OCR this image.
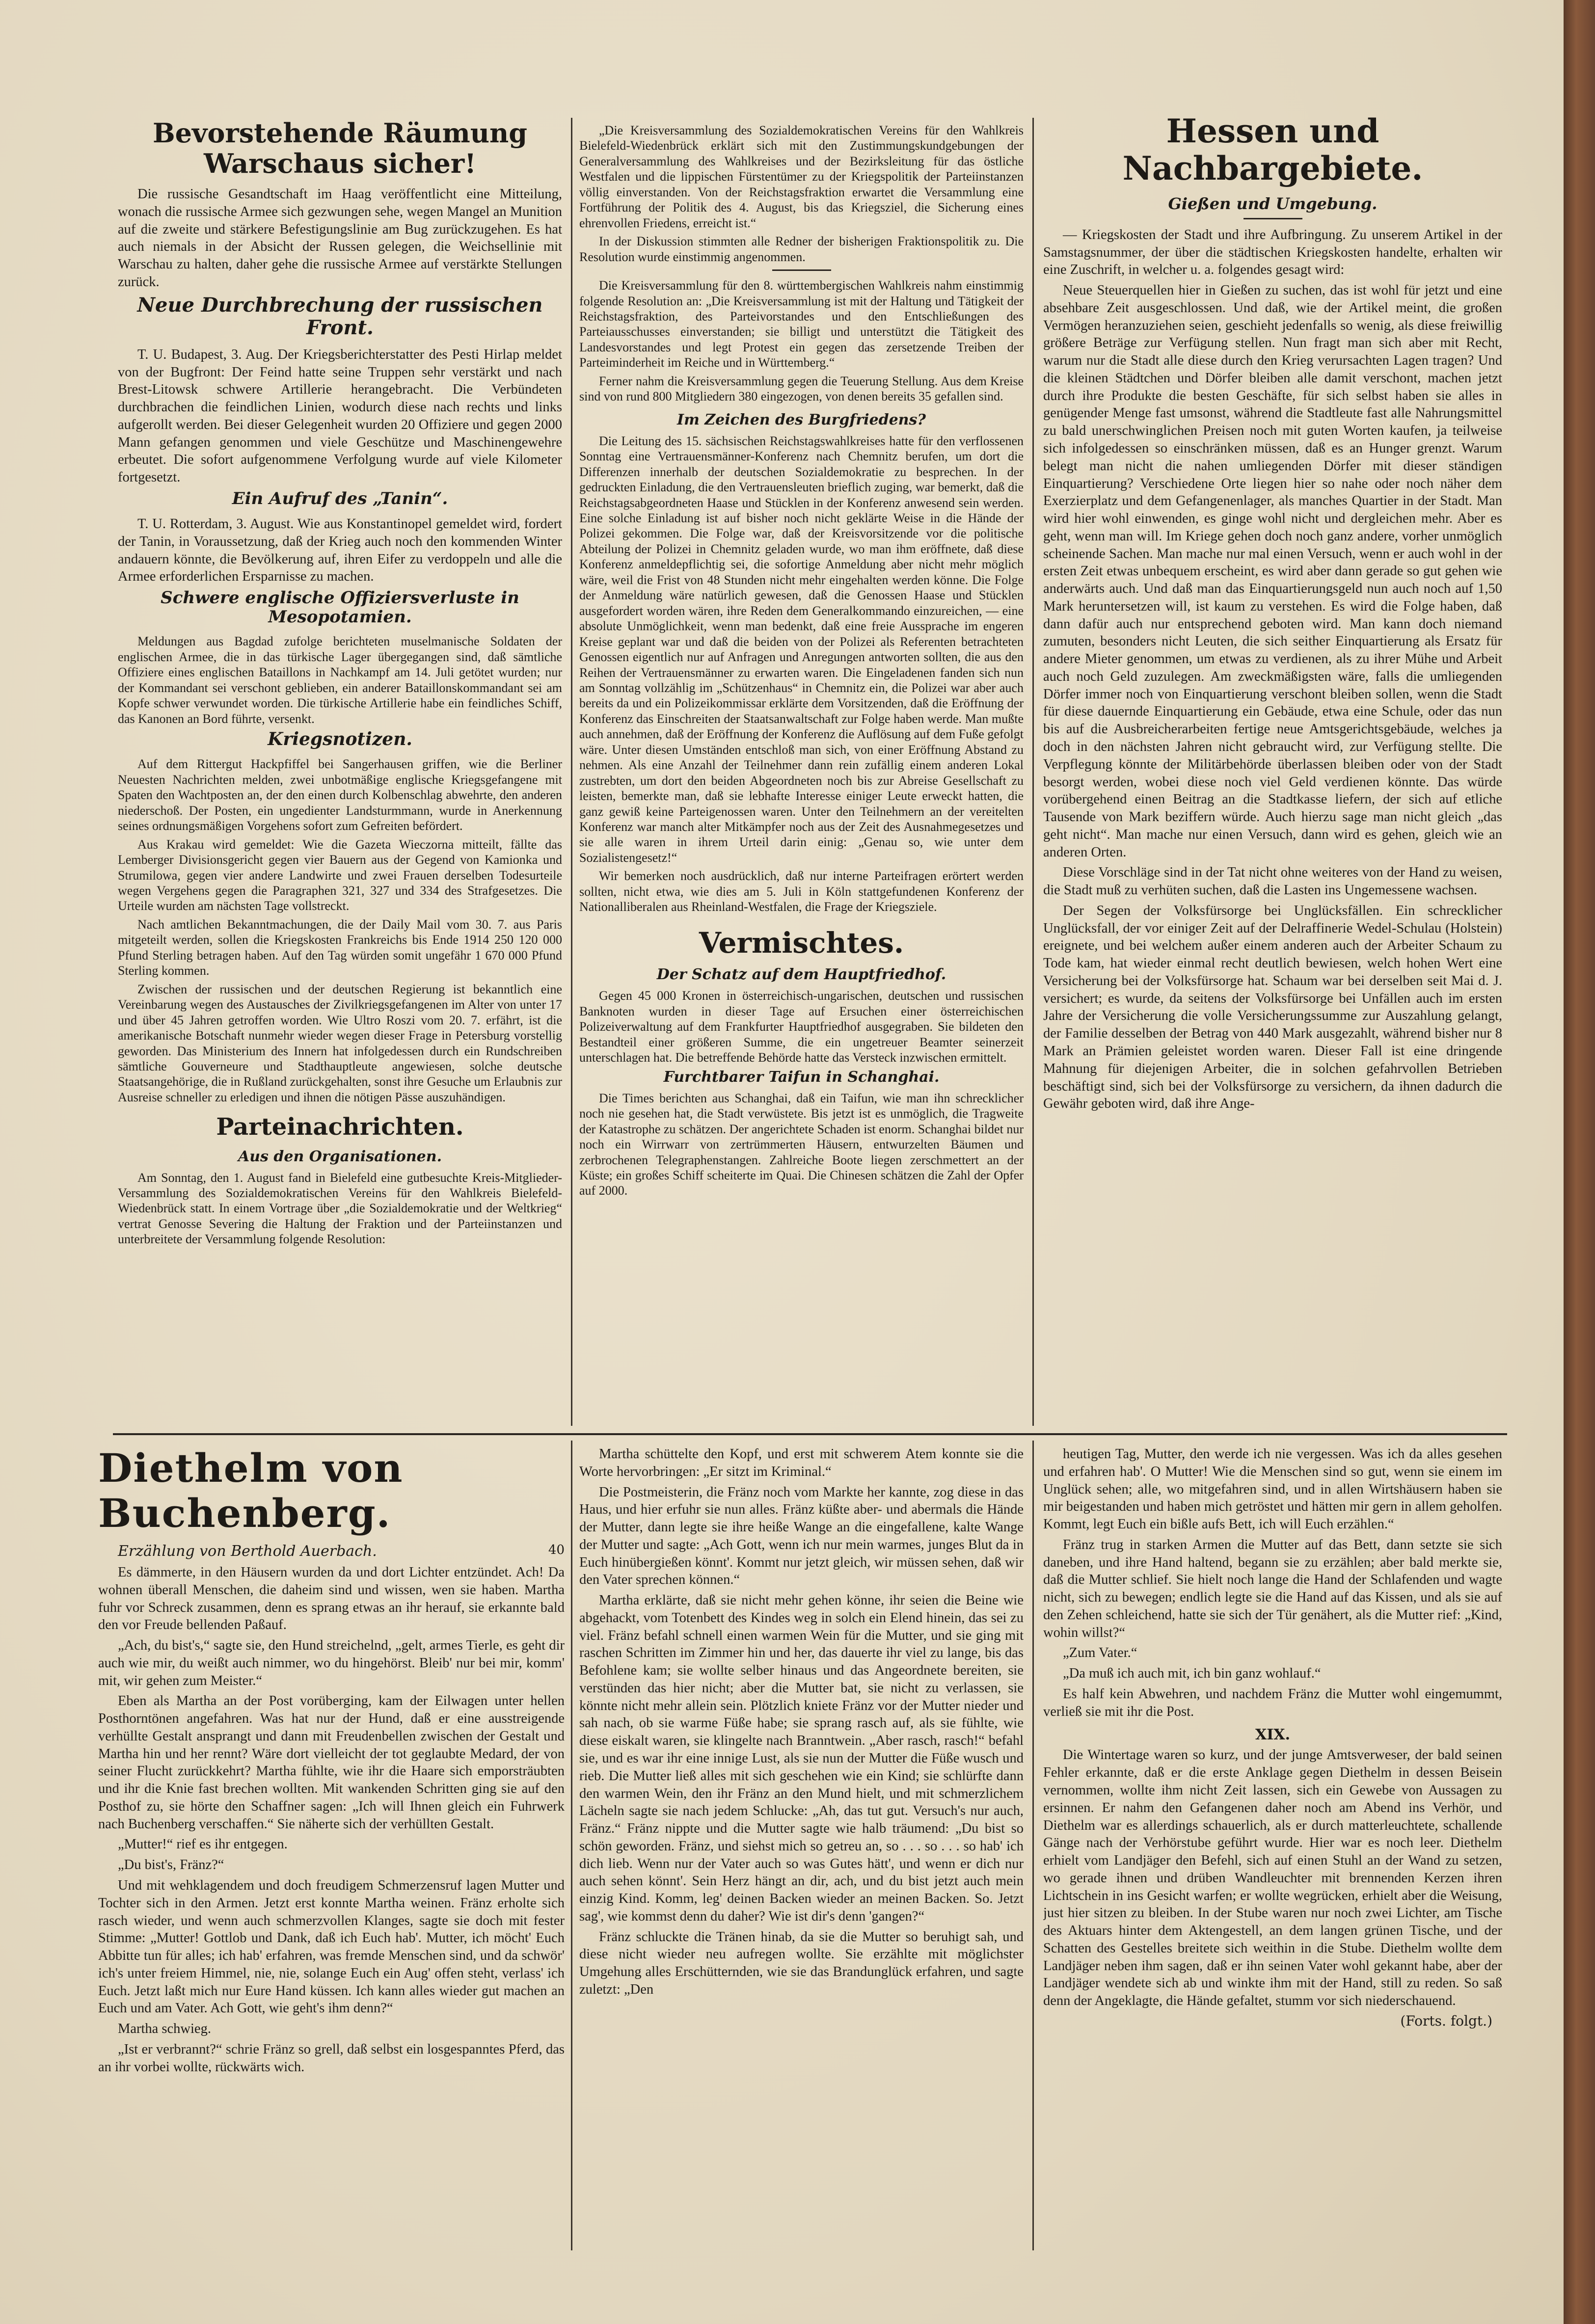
Bevorstehende Räumung Warschaus sicher!

Die russische Gesandtschaft im Haag veröffentlicht eine Mitteilung, wonach die russische Armee sich gezwungen sehe, wegen Mangel an Munition auf die zweite und stärkere Befestigungslinie am Bug zurückzugehen. Es hat auch niemals in der Absicht der Russen gelegen, die Weichsellinie mit Warschau zu halten, daher gehe die russische Armee auf verstärkte Stellungen zurück.

Neue Durchbrechung der russischen Front.

T. U. Budapest, 3. Aug. Der Kriegsberichterstatter des Pesti Hirlap meldet von der Bugfront: Der Feind hatte seine Truppen sehr verstärkt und nach Brest-Litowsk schwere Artillerie herangebracht. Die Verbündeten durchbrachen die feindlichen Linien, wodurch diese nach rechts und links aufgerollt werden. Bei dieser Gelegenheit wurden 20 Offiziere und gegen 2000 Mann gefangen genommen und viele Geschütze und Maschinengewehre erbeutet. Die sofort aufgenommene Verfolgung wurde auf viele Kilometer fortgesetzt.

Ein Aufruf des „Tanin“.

T. U. Rotterdam, 3. August. Wie aus Konstantinopel gemeldet wird, fordert der Tanin, in Voraussetzung, daß der Krieg auch noch den kommenden Winter andauern könnte, die Bevölkerung auf, ihren Eifer zu verdoppeln und alle die Armee erforderlichen Ersparnisse zu machen.

Schwere englische Offiziersverluste in Mesopotamien.

Meldungen aus Bagdad zufolge berichteten muselmanische Soldaten der englischen Armee, die in das türkische Lager übergegangen sind, daß sämtliche Offiziere eines englischen Bataillons in Nachkampf am 14. Juli getötet wurden; nur der Kommandant sei verschont geblieben, ein anderer Bataillonskommandant sei am Kopfe schwer verwundet worden. Die türkische Artillerie habe ein feindliches Schiff, das Kanonen an Bord führte, versenkt.

Kriegsnotizen.

Auf dem Rittergut Hackpfiffel bei Sangerhausen griffen, wie die Berliner Neuesten Nachrichten melden, zwei unbotmäßige englische Kriegsgefangene mit Spaten den Wachtposten an, der den einen durch Kolbenschlag abwehrte, den anderen niederschoß. Der Posten, ein ungedienter Landsturmmann, wurde in Anerkennung seines ordnungsmäßigen Vorgehens sofort zum Gefreiten befördert.

Aus Krakau wird gemeldet: Wie die Gazeta Wieczorna mitteilt, fällte das Lemberger Divisionsgericht gegen vier Bauern aus der Gegend von Kamionka und Strumilowa, gegen vier andere Landwirte und zwei Frauen derselben Todesurteile wegen Vergehens gegen die Paragraphen 321, 327 und 334 des Strafgesetzes. Die Urteile wurden am nächsten Tage vollstreckt.

Nach amtlichen Bekanntmachungen, die der Daily Mail vom 30. 7. aus Paris mitgeteilt werden, sollen die Kriegskosten Frankreichs bis Ende 1914 250 120 000 Pfund Sterling betragen haben. Auf den Tag würden somit ungefähr 1 670 000 Pfund Sterling kommen.

Zwischen der russischen und der deutschen Regierung ist bekanntlich eine Vereinbarung wegen des Austausches der Zivilkriegsgefangenen im Alter von unter 17 und über 45 Jahren getroffen worden. Wie Ultro Roszi vom 20. 7. erfährt, ist die amerikanische Botschaft nunmehr wieder wegen dieser Frage in Petersburg vorstellig geworden. Das Ministerium des Innern hat infolgedessen durch ein Rundschreiben sämtliche Gouverneure und Stadthauptleute angewiesen, solche deutsche Staatsangehörige, die in Rußland zurückgehalten, sonst ihre Gesuche um Erlaubnis zur Ausreise schneller zu erledigen und ihnen die nötigen Pässe auszuhändigen.

Parteinachrichten.
Aus den Organisationen.

Am Sonntag, den 1. August fand in Bielefeld eine gutbesuchte Kreis-Mitglieder-Versammlung des Sozialdemokratischen Vereins für den Wahlkreis Bielefeld-Wiedenbrück statt. In einem Vortrage über „die Sozialdemokratie und der Weltkrieg“ vertrat Genosse Severing die Haltung der Fraktion und der Parteiinstanzen und unterbreitete der Versammlung folgende Resolution:

„Die Kreisversammlung des Sozialdemokratischen Vereins für den Wahlkreis Bielefeld-Wiedenbrück erklärt sich mit den Zustimmungskundgebungen der Generalversammlung des Wahlkreises und der Bezirksleitung für das östliche Westfalen und die lippischen Fürstentümer zu der Kriegspolitik der Parteiinstanzen völlig einverstanden. Von der Reichstagsfraktion erwartet die Versammlung eine Fortführung der Politik des 4. August, bis das Kriegsziel, die Sicherung eines ehrenvollen Friedens, erreicht ist.“

In der Diskussion stimmten alle Redner der bisherigen Fraktionspolitik zu. Die Resolution wurde einstimmig angenommen.

Die Kreisversammlung für den 8. württembergischen Wahlkreis nahm einstimmig folgende Resolution an: „Die Kreisversammlung ist mit der Haltung und Tätigkeit der Reichstagsfraktion, des Parteivorstandes und den Entschließungen des Parteiausschusses einverstanden; sie billigt und unterstützt die Tätigkeit des Landesvorstandes und legt Protest ein gegen das zersetzende Treiben der Parteiminderheit im Reiche und in Württemberg.“

Ferner nahm die Kreisversammlung gegen die Teuerung Stellung. Aus dem Kreise sind von rund 800 Mitgliedern 380 eingezogen, von denen bereits 35 gefallen sind.

Im Zeichen des Burgfriedens?

Die Leitung des 15. sächsischen Reichstagswahlkreises hatte für den verflossenen Sonntag eine Vertrauensmänner-Konferenz nach Chemnitz berufen, um dort die Differenzen innerhalb der deutschen Sozialdemokratie zu besprechen. In der gedruckten Einladung, die den Vertrauensleuten brieflich zuging, war bemerkt, daß die Reichstagsabgeordneten Haase und Stücklen in der Konferenz anwesend sein werden. Eine solche Einladung ist auf bisher noch nicht geklärte Weise in die Hände der Polizei gekommen. Die Folge war, daß der Kreisvorsitzende vor die politische Abteilung der Polizei in Chemnitz geladen wurde, wo man ihm eröffnete, daß diese Konferenz anmeldepflichtig sei, die sofortige Anmeldung aber nicht mehr möglich wäre, weil die Frist von 48 Stunden nicht mehr eingehalten werden könne. Die Folge der Anmeldung wäre natürlich gewesen, daß die Genossen Haase und Stücklen ausgefordert worden wären, ihre Reden dem Generalkommando einzureichen, — eine absolute Unmöglichkeit, wenn man bedenkt, daß eine freie Aussprache im engeren Kreise geplant war und daß die beiden von der Polizei als Referenten betrachteten Genossen eigentlich nur auf Anfragen und Anregungen antworten sollten, die aus den Reihen der Vertrauensmänner zu erwarten waren. Die Eingeladenen fanden sich nun am Sonntag vollzählig im „Schützenhaus“ in Chemnitz ein, die Polizei war aber auch bereits da und ein Polizeikommissar erklärte dem Vorsitzenden, daß die Eröffnung der Konferenz das Einschreiten der Staatsanwaltschaft zur Folge haben werde. Man mußte auch annehmen, daß der Eröffnung der Konferenz die Auflösung auf dem Fuße gefolgt wäre. Unter diesen Umständen entschloß man sich, von einer Eröffnung Abstand zu nehmen. Als eine Anzahl der Teilnehmer dann rein zufällig einem anderen Lokal zustrebten, um dort den beiden Abgeordneten noch bis zur Abreise Gesellschaft zu leisten, bemerkte man, daß sie lebhafte Interesse einiger Leute erweckt hatten, die ganz gewiß keine Parteigenossen waren. Unter den Teilnehmern an der vereitelten Konferenz war manch alter Mitkämpfer noch aus der Zeit des Ausnahmegesetzes und sie alle waren in ihrem Urteil darin einig: „Genau so, wie unter dem Sozialistengesetz!“

Wir bemerken noch ausdrücklich, daß nur interne Parteifragen erörtert werden sollten, nicht etwa, wie dies am 5. Juli in Köln stattgefundenen Konferenz der Nationalliberalen aus Rheinland-Westfalen, die Frage der Kriegsziele.

Vermischtes.
Der Schatz auf dem Hauptfriedhof.

Gegen 45 000 Kronen in österreichisch-ungarischen, deutschen und russischen Banknoten wurden in dieser Tage auf Ersuchen einer österreichischen Polizeiverwaltung auf dem Frankfurter Hauptfriedhof ausgegraben. Sie bildeten den Bestandteil einer größeren Summe, die ein ungetreuer Beamter seinerzeit unterschlagen hat. Die betreffende Behörde hatte das Versteck inzwischen ermittelt.

Furchtbarer Taifun in Schanghai.

Die Times berichten aus Schanghai, daß ein Taifun, wie man ihn schrecklicher noch nie gesehen hat, die Stadt verwüstete. Bis jetzt ist es unmöglich, die Tragweite der Katastrophe zu schätzen. Der angerichtete Schaden ist enorm. Schanghai bildet nur noch ein Wirrwarr von zertrümmerten Häusern, entwurzelten Bäumen und zerbrochenen Telegraphenstangen. Zahlreiche Boote liegen zerschmettert an der Küste; ein großes Schiff scheiterte im Quai. Die Chinesen schätzen die Zahl der Opfer auf 2000.

Hessen und Nachbargebiete.
Gießen und Umgebung.

— Kriegskosten der Stadt und ihre Aufbringung. Zu unserem Artikel in der Samstagsnummer, der über die städtischen Kriegskosten handelte, erhalten wir eine Zuschrift, in welcher u. a. folgendes gesagt wird:

Neue Steuerquellen hier in Gießen zu suchen, das ist wohl für jetzt und eine absehbare Zeit ausgeschlossen. Und daß, wie der Artikel meint, die großen Vermögen heranzuziehen seien, geschieht jedenfalls so wenig, als diese freiwillig größere Beträge zur Verfügung stellen. Nun fragt man sich aber mit Recht, warum nur die Stadt alle diese durch den Krieg verursachten Lagen tragen? Und die kleinen Städtchen und Dörfer bleiben alle damit verschont, machen jetzt durch ihre Produkte die besten Geschäfte, für sich selbst haben sie alles in genügender Menge fast umsonst, während die Stadtleute fast alle Nahrungsmittel zu bald unerschwinglichen Preisen noch mit guten Worten kaufen, ja teilweise sich infolgedessen so einschränken müssen, daß es an Hunger grenzt. Warum belegt man nicht die nahen umliegenden Dörfer mit dieser ständigen Einquartierung? Verschiedene Orte liegen hier so nahe oder noch näher dem Exerzierplatz und dem Gefangenenlager, als manches Quartier in der Stadt. Man wird hier wohl einwenden, es ginge wohl nicht und dergleichen mehr. Aber es geht, wenn man will. Im Kriege gehen doch noch ganz andere, vorher unmöglich scheinende Sachen. Man mache nur mal einen Versuch, wenn er auch wohl in der ersten Zeit etwas unbequem erscheint, es wird aber dann gerade so gut gehen wie anderwärts auch. Und daß man das Einquartierungsgeld nun auch noch auf 1,50 Mark heruntersetzen will, ist kaum zu verstehen. Es wird die Folge haben, daß dann dafür auch nur entsprechend geboten wird. Man kann doch niemand zumuten, besonders nicht Leuten, die sich seither Einquartierung als Ersatz für andere Mieter genommen, um etwas zu verdienen, als zu ihrer Mühe und Arbeit auch noch Geld zuzulegen. Am zweckmäßigsten wäre, falls die umliegenden Dörfer immer noch von Einquartierung verschont bleiben sollen, wenn die Stadt für diese dauernde Einquartierung ein Gebäude, etwa eine Schule, oder das nun bis auf die Ausbreicherarbeiten fertige neue Amtsgerichtsgebäude, welches ja doch in den nächsten Jahren nicht gebraucht wird, zur Verfügung stellte. Die Verpflegung könnte der Militärbehörde überlassen bleiben oder von der Stadt besorgt werden, wobei diese noch viel Geld verdienen könnte. Das würde vorübergehend einen Beitrag an die Stadtkasse liefern, der sich auf etliche Tausende von Mark beziffern würde. Auch hierzu sage man nicht gleich „das geht nicht“. Man mache nur einen Versuch, dann wird es gehen, gleich wie an anderen Orten.

Diese Vorschläge sind in der Tat nicht ohne weiteres von der Hand zu weisen, die Stadt muß zu verhüten suchen, daß die Lasten ins Ungemessene wachsen.

Der Segen der Volksfürsorge bei Unglücksfällen. Ein schrecklicher Unglücksfall, der vor einiger Zeit auf der Delraffinerie Wedel-Schulau (Holstein) ereignete, und bei welchem außer einem anderen auch der Arbeiter Schaum zu Tode kam, hat wieder einmal recht deutlich bewiesen, welch hohen Wert eine Versicherung bei der Volksfürsorge hat. Schaum war bei derselben seit Mai d. J. versichert; es wurde, da seitens der Volksfürsorge bei Unfällen auch im ersten Jahre der Versicherung die volle Versicherungssumme zur Auszahlung gelangt, der Familie desselben der Betrag von 440 Mark ausgezahlt, während bisher nur 8 Mark an Prämien geleistet worden waren. Dieser Fall ist eine dringende Mahnung für diejenigen Arbeiter, die in solchen gefahrvollen Betrieben beschäftigt sind, sich bei der Volksfürsorge zu versichern, da ihnen dadurch die Gewähr geboten wird, daß ihre Ange-

Diethelm von Buchenberg.
Erzählung von Berthold Auerbach.	40

Es dämmerte, in den Häusern wurden da und dort Lichter entzündet. Ach! Da wohnen überall Menschen, die daheim sind und wissen, wen sie haben. Martha fuhr vor Schreck zusammen, denn es sprang etwas an ihr herauf, sie erkannte bald den vor Freude bellenden Paßauf.

„Ach, du bist's,“ sagte sie, den Hund streichelnd, „gelt, armes Tierle, es geht dir auch wie mir, du weißt auch nimmer, wo du hingehörst. Bleib' nur bei mir, komm' mit, wir gehen zum Meister.“

Eben als Martha an der Post vorüberging, kam der Eilwagen unter hellen Posthorntönen angefahren. Was hat nur der Hund, daß er eine ausstreigende verhüllte Gestalt ansprangt und dann mit Freudenbellen zwischen der Gestalt und Martha hin und her rennt? Wäre dort vielleicht der tot geglaubte Medard, der von seiner Flucht zurückkehrt? Martha fühlte, wie ihr die Haare sich emporsträubten und ihr die Knie fast brechen wollten. Mit wankenden Schritten ging sie auf den Posthof zu, sie hörte den Schaffner sagen: „Ich will Ihnen gleich ein Fuhrwerk nach Buchenberg verschaffen.“ Sie näherte sich der verhüllten Gestalt.

„Mutter!“ rief es ihr entgegen.

„Du bist's, Fränz?“

Und mit wehklagendem und doch freudigem Schmerzensruf lagen Mutter und Tochter sich in den Armen. Jetzt erst konnte Martha weinen. Fränz erholte sich rasch wieder, und wenn auch schmerzvollen Klanges, sagte sie doch mit fester Stimme: „Mutter! Gottlob und Dank, daß ich Euch hab'. Mutter, ich möcht' Euch Abbitte tun für alles; ich hab' erfahren, was fremde Menschen sind, und da schwör' ich's unter freiem Himmel, nie, nie, solange Euch ein Aug' offen steht, verlass' ich Euch. Jetzt laßt mich nur Eure Hand küssen. Ich kann alles wieder gut machen an Euch und am Vater. Ach Gott, wie geht's ihm denn?“

Martha schwieg.

„Ist er verbrannt?“ schrie Fränz so grell, daß selbst ein losgespanntes Pferd, das an ihr vorbei wollte, rückwärts wich.

Martha schüttelte den Kopf, und erst mit schwerem Atem konnte sie die Worte hervorbringen: „Er sitzt im Kriminal.“

Die Postmeisterin, die Fränz noch vom Markte her kannte, zog diese in das Haus, und hier erfuhr sie nun alles. Fränz küßte aber- und abermals die Hände der Mutter, dann legte sie ihre heiße Wange an die eingefallene, kalte Wange der Mutter und sagte: „Ach Gott, wenn ich nur mein warmes, junges Blut da in Euch hinübergießen könnt'. Kommt nur jetzt gleich, wir müssen sehen, daß wir den Vater sprechen können.“

Martha erklärte, daß sie nicht mehr gehen könne, ihr seien die Beine wie abgehackt, vom Totenbett des Kindes weg in solch ein Elend hinein, das sei zu viel. Fränz befahl schnell einen warmen Wein für die Mutter, und sie ging mit raschen Schritten im Zimmer hin und her, das dauerte ihr viel zu lange, bis das Befohlene kam; sie wollte selber hinaus und das Angeordnete bereiten, sie verstünden das hier nicht; aber die Mutter bat, sie nicht zu verlassen, sie könnte nicht mehr allein sein. Plötzlich kniete Fränz vor der Mutter nieder und sah nach, ob sie warme Füße habe; sie sprang rasch auf, als sie fühlte, wie diese eiskalt waren, sie klingelte nach Branntwein. „Aber rasch, rasch!“ befahl sie, und es war ihr eine innige Lust, als sie nun der Mutter die Füße wusch und rieb. Die Mutter ließ alles mit sich geschehen wie ein Kind; sie schlürfte dann den warmen Wein, den ihr Fränz an den Mund hielt, und mit schmerzlichem Lächeln sagte sie nach jedem Schlucke: „Ah, das tut gut. Versuch's nur auch, Fränz.“ Fränz nippte und die Mutter sagte wie halb träumend: „Du bist so schön geworden. Fränz, und siehst mich so getreu an, so . . . so . . . so hab' ich dich lieb. Wenn nur der Vater auch so was Gutes hätt', und wenn er dich nur auch sehen könnt'. Sein Herz hängt an dir, ach, und du bist jetzt auch mein einzig Kind. Komm, leg' deinen Backen wieder an meinen Backen. So. Jetzt sag', wie kommst denn du daher? Wie ist dir's denn 'gangen?“

Fränz schluckte die Tränen hinab, da sie die Mutter so beruhigt sah, und diese nicht wieder neu aufregen wollte. Sie erzählte mit möglichster Umgehung alles Erschütternden, wie sie das Brandunglück erfahren, und sagte zuletzt: „Den

heutigen Tag, Mutter, den werde ich nie vergessen. Was ich da alles gesehen und erfahren hab'. O Mutter! Wie die Menschen sind so gut, wenn sie einem im Unglück sehen; alle, wo mitgefahren sind, und in allen Wirtshäusern haben sie mir beigestanden und haben mich getröstet und hätten mir gern in allem geholfen. Kommt, legt Euch ein bißle aufs Bett, ich will Euch erzählen.“

Fränz trug in starken Armen die Mutter auf das Bett, dann setzte sie sich daneben, und ihre Hand haltend, begann sie zu erzählen; aber bald merkte sie, daß die Mutter schlief. Sie hielt noch lange die Hand der Schlafenden und wagte nicht, sich zu bewegen; endlich legte sie die Hand auf das Kissen, und als sie auf den Zehen schleichend, hatte sie sich der Tür genähert, als die Mutter rief: „Kind, wohin willst?“

„Zum Vater.“

„Da muß ich auch mit, ich bin ganz wohlauf.“

Es half kein Abwehren, und nachdem Fränz die Mutter wohl eingemummt, verließ sie mit ihr die Post.

XIX.

Die Wintertage waren so kurz, und der junge Amtsverweser, der bald seinen Fehler erkannte, daß er die erste Anklage gegen Diethelm in dessen Beisein vernommen, wollte ihm nicht Zeit lassen, sich ein Gewebe von Aussagen zu ersinnen. Er nahm den Gefangenen daher noch am Abend ins Verhör, und Diethelm war es allerdings schauerlich, als er durch matterleuchtete, schallende Gänge nach der Verhörstube geführt wurde. Hier war es noch leer. Diethelm erhielt vom Landjäger den Befehl, sich auf einen Stuhl an der Wand zu setzen, wo gerade ihnen und drüben Wandleuchter mit brennenden Kerzen ihren Lichtschein in ins Gesicht warfen; er wollte wegrücken, erhielt aber die Weisung, just hier sitzen zu bleiben. In der Stube waren nur noch zwei Lichter, am Tische des Aktuars hinter dem Aktengestell, an dem langen grünen Tische, und der Schatten des Gestelles breitete sich weithin in die Stube. Diethelm wollte dem Landjäger neben ihm sagen, daß er ihn seinen Vater wohl gekannt habe, aber der Landjäger wendete sich ab und winkte ihm mit der Hand, still zu reden. So saß denn der Angeklagte, die Hände gefaltet, stumm vor sich niederschauend.

(Forts. folgt.)
